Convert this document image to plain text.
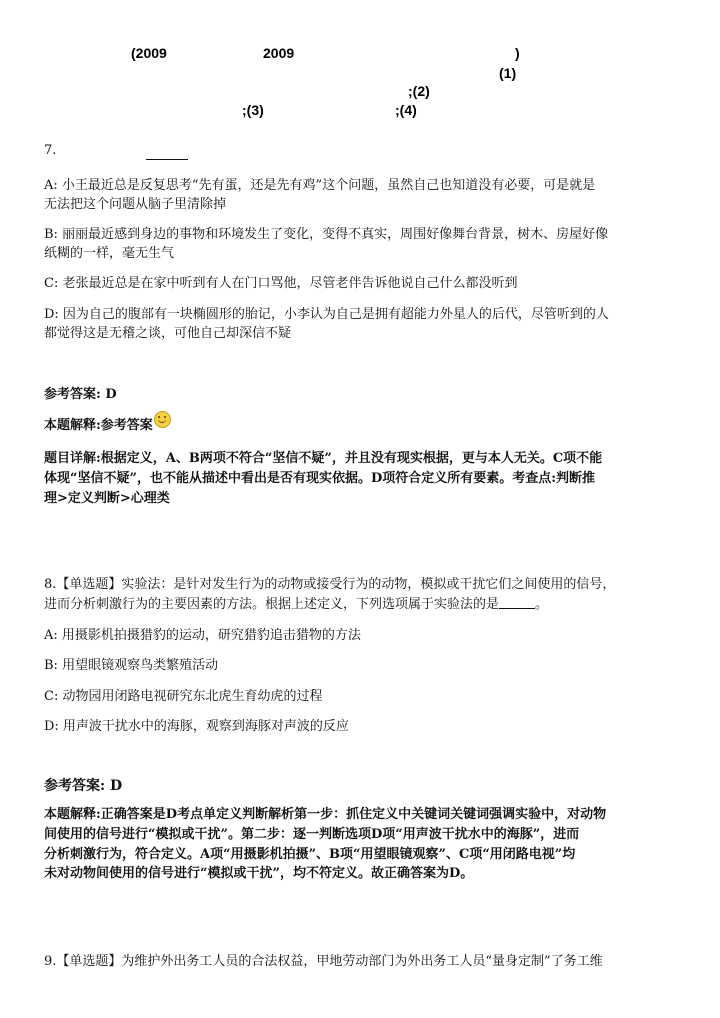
(2009	2009	)
(1)
;(2)
;(3)	;(4)
7.
A: 小王最近总是反复思考“先有蛋，还是先有鸡”这个问题，虽然自己也知道没有必要，可是就是
无法把这个问题从脑子里清除掉
B: 丽丽最近感到身边的事物和环境发生了变化，变得不真实，周围好像舞台背景，树木、房屋好像
纸糊的一样，毫无生气
C: 老张最近总是在家中听到有人在门口骂他，尽管老伴告诉他说自己什么都没听到
D: 因为自己的腹部有一块椭圆形的胎记，小李认为自己是拥有超能力外星人的后代，尽管听到的人
都觉得这是无稽之谈，可他自己却深信不疑
参考答案: D
本题解释:参考答案
题目详解:根据定义，A、B两项不符合“坚信不疑”，并且没有现实根据，更与本人无关。C项不能
体现“坚信不疑”，也不能从描述中看出是否有现实依据。D项符合定义所有要素。考查点:判断推
理>定义判断>心理类
8.【单选题】实验法：是针对发生行为的动物或接受行为的动物，模拟或干扰它们之间使用的信号，
进而分析刺激行为的主要因素的方法。根据上述定义，下列选项属于实验法的是	。
A: 用摄影机拍摄猎豹的运动，研究猎豹追击猎物的方法
B: 用望眼镜观察鸟类繁殖活动
C: 动物园用闭路电视研究东北虎生育幼虎的过程
D: 用声波干扰水中的海豚，观察到海豚对声波的反应
参考答案: D
本题解释:正确答案是D考点单定义判断解析第一步：抓住定义中关键词关键词强调实验中，对动物
间使用的信号进行“模拟或干扰”。第二步：逐一判断选项D项“用声波干扰水中的海豚”，进而
分析刺激行为，符合定义。A项“用摄影机拍摄”、B项“用望眼镜观察”、C项“用闭路电视”均
未对动物间使用的信号进行“模拟或干扰”，均不符定义。故正确答案为D。
9.【单选题】为维护外出务工人员的合法权益，甲地劳动部门为外出务工人员“量身定制”了务工维
